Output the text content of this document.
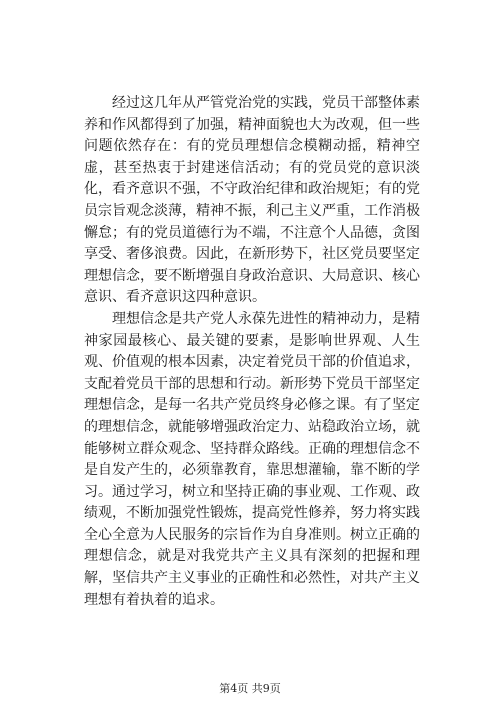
经过这几年从严管党治党的实践，党员干部整体素养和作风都得到了加强，精神面貌也大为改观，但一些问题依然存在：有的党员理想信念模糊动摇，精神空虚，甚至热衷于封建迷信活动；有的党员党的意识淡化，看齐意识不强，不守政治纪律和政治规矩；有的党员宗旨观念淡薄，精神不振，利己主义严重，工作消极懈怠；有的党员道德行为不端，不注意个人品德，贪图享受、奢侈浪费。因此，在新形势下，社区党员要坚定理想信念，要不断增强自身政治意识、大局意识、核心意识、看齐意识这四种意识。

理想信念是共产党人永葆先进性的精神动力，是精神家园最核心、最关键的要素，是影响世界观、人生观、价值观的根本因素，决定着党员干部的价值追求，支配着党员干部的思想和行动。新形势下党员干部坚定理想信念，是每一名共产党员终身必修之课。有了坚定的理想信念，就能够增强政治定力、站稳政治立场，就能够树立群众观念、坚持群众路线。正确的理想信念不是自发产生的，必须靠教育，靠思想灌输，靠不断的学习。通过学习，树立和坚持正确的事业观、工作观、政绩观，不断加强党性锻炼，提高党性修养，努力将实践全心全意为人民服务的宗旨作为自身准则。树立正确的理想信念，就是对我党共产主义具有深刻的把握和理解，坚信共产主义事业的正确性和必然性，对共产主义理想有着执着的追求。

第4页 共9页
